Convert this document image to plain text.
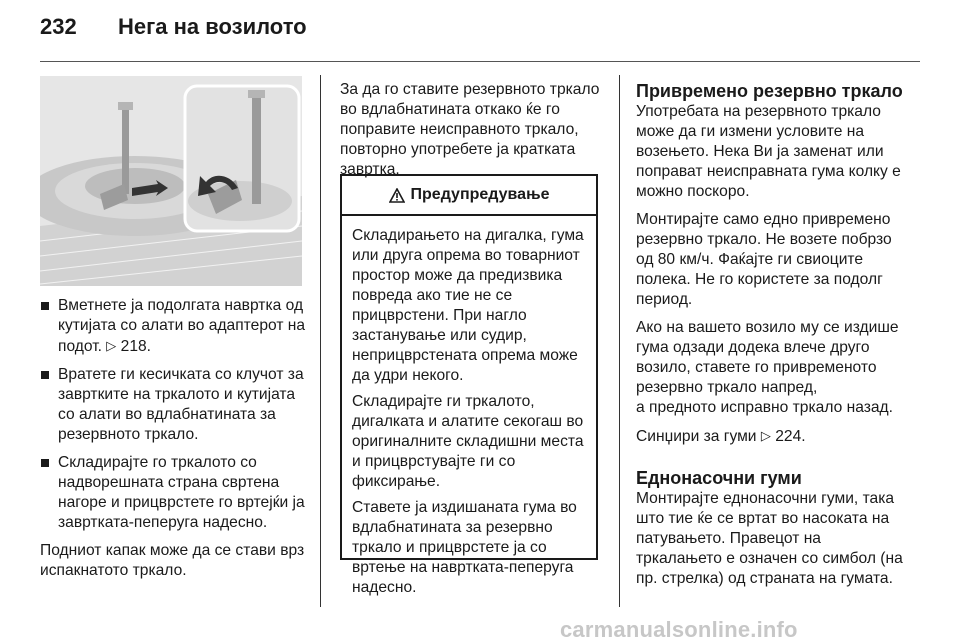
232 Нега на возилото
Вметнете ја подолгата навртка од кутијата со алати во адаптерот на подот. ▷ 218.
Вратете ги кесичката со клучот за завртките на тркалото и кутијата со алати во вдлабнатината за резервното тркало.
Складирајте го тркалото со надворешната страна свртена нагоре и прицврстете го вртејќи ја завртката-пеперуга надесно.

Подниот капак може да се стави врз испакнатото тркало.

За да го ставите резервното тркало во вдлабнатината откако ќе го поправите неисправното тркало, повторно употребете ја кратката завртка.

Предупредување

Складирањето на дигалка, гума или друга опрема во товарниот простор може да предизвика повреда ако тие не се прицврстени. При нагло застанување или судир, неприцврстената опрема може да удри некого.

Складирајте ги тркалото, дигалката и алатите секогаш во оригиналните складишни места и прицврстувајте ги со фиксирање.

Ставете ја издишаната гума во вдлабнатината за резервно тркало и прицврстете ја со вртење на навртката-пеперуга надесно.

Привремено резервно тркало

Употребата на резервното тркало може да ги измени условите на возењето. Нека Ви ја заменат или поправат неисправната гума колку е можно поскоро.

Монтирајте само едно привремено резервно тркало. Не возете побрзо од 80 км/ч. Фаќајте ги свиоците полека. Не го користете за подолг период.

Ако на вашето возило му се издише гума одзади додека влече друго возило, ставете го привременото резервно тркало напред,

а предното исправно тркало назад.

Синџири за гуми ▷ 224.

Еднонасочни гуми

Монтирајте еднонасочни гуми, така што тие ќе се вртат во насоката на патувањето. Правецот на тркалањето е означен со симбол (на пр. стрелка) од страната на гумата.

carmanualsonline.info
